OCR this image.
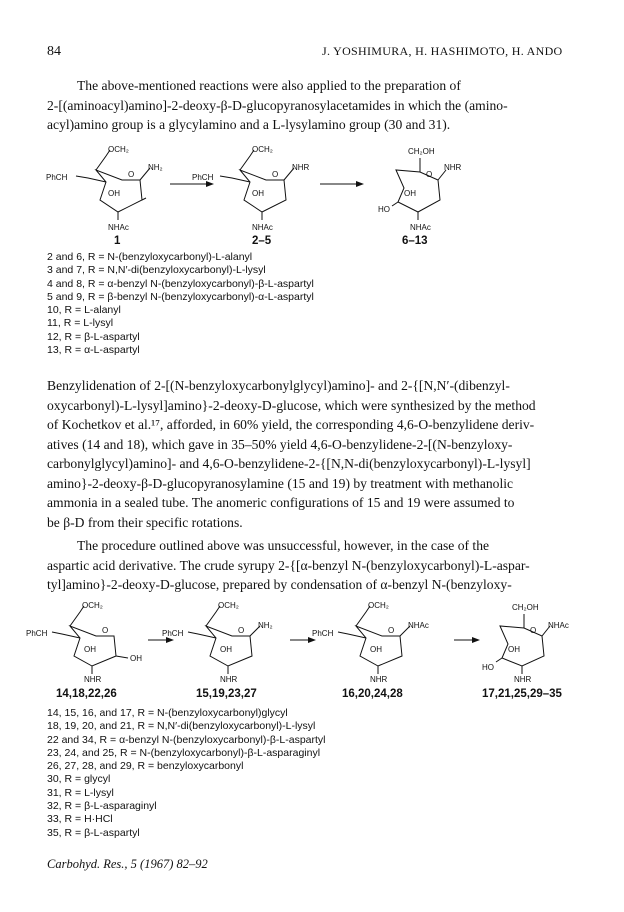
84	J. YOSHIMURA, H. HASHIMOTO, H. ANDO

The above-mentioned reactions were also applied to the preparation of
2-[(aminoacyl)amino]-2-deoxy-β-D-glucopyranosylacetamides in which the (amino-
acyl)amino group is a glycylamino and a L-lysylamino group (30 and 31).

OCH₂
PhCH	O
NH₂
OH
NHAc
OCH₂
PhCH	O
NHR
OH
NHAc
CH₂OH
O
NHR
OH
HO
NHAc
1	2–5	6–13
2 and 6, R = N-(benzyloxycarbonyl)-L-alanyl
3 and 7, R = N,N′-di(benzyloxycarbonyl)-L-lysyl
4 and 8, R = α-benzyl N-(benzyloxycarbonyl)-β-L-aspartyl
5 and 9, R = β-benzyl N-(benzyloxycarbonyl)-α-L-aspartyl
10, R = L-alanyl
11, R = L-lysyl
12, R = β-L-aspartyl
13, R = α-L-aspartyl

Benzylidenation of 2-[(N-benzyloxycarbonylglycyl)amino]- and 2-{[N,N′-(dibenzyl-
oxycarbonyl)-L-lysyl]amino}-2-deoxy-D-glucose, which were synthesized by the method
of Kochetkov et al.¹⁷, afforded, in 60% yield, the corresponding 4,6-O-benzylidene deriv-
atives (14 and 18), which gave in 35–50% yield 4,6-O-benzylidene-2-[(N-benzyloxy-
carbonylglycyl)amino]- and 4,6-O-benzylidene-2-{[N,N-di(benzyloxycarbonyl)-L-lysyl]
amino}-2-deoxy-β-D-glucopyranosylamine (15 and 19) by treatment with methanolic
ammonia in a sealed tube. The anomeric configurations of 15 and 19 were assumed to
be β-D from their specific rotations.

The procedure outlined above was unsuccessful, however, in the case of the
aspartic acid derivative. The crude syrupy 2-{[α-benzyl N-(benzyloxycarbonyl)-L-aspar-
tyl]amino}-2-deoxy-D-glucose, prepared by condensation of α-benzyl N-(benzyloxy-

OCH₂
PhCH	O
OH
OH
NHR
OCH₂
PhCH	O
NH₂
OH
NHR
OCH₂
PhCH	O
NHAc
OH
NHR
CH₂OH
O
NHAc
OH
HO
NHR
14,18,22,26	15,19,23,27	16,20,24,28	17,21,25,29–35
14, 15, 16, and 17, R = N-(benzyloxycarbonyl)glycyl
18, 19, 20, and 21, R = N,N′-di(benzyloxycarbonyl)-L-lysyl
22 and 34, R = α-benzyl N-(benzyloxycarbonyl)-β-L-aspartyl
23, 24, and 25, R = N-(benzyloxycarbonyl)-β-L-asparaginyl
26, 27, 28, and 29, R = benzyloxycarbonyl
30, R = glycyl
31, R = L-lysyl
32, R = β-L-asparaginyl
33, R = H·HCl
35, R = β-L-aspartyl
Carbohyd. Res., 5 (1967) 82–92
